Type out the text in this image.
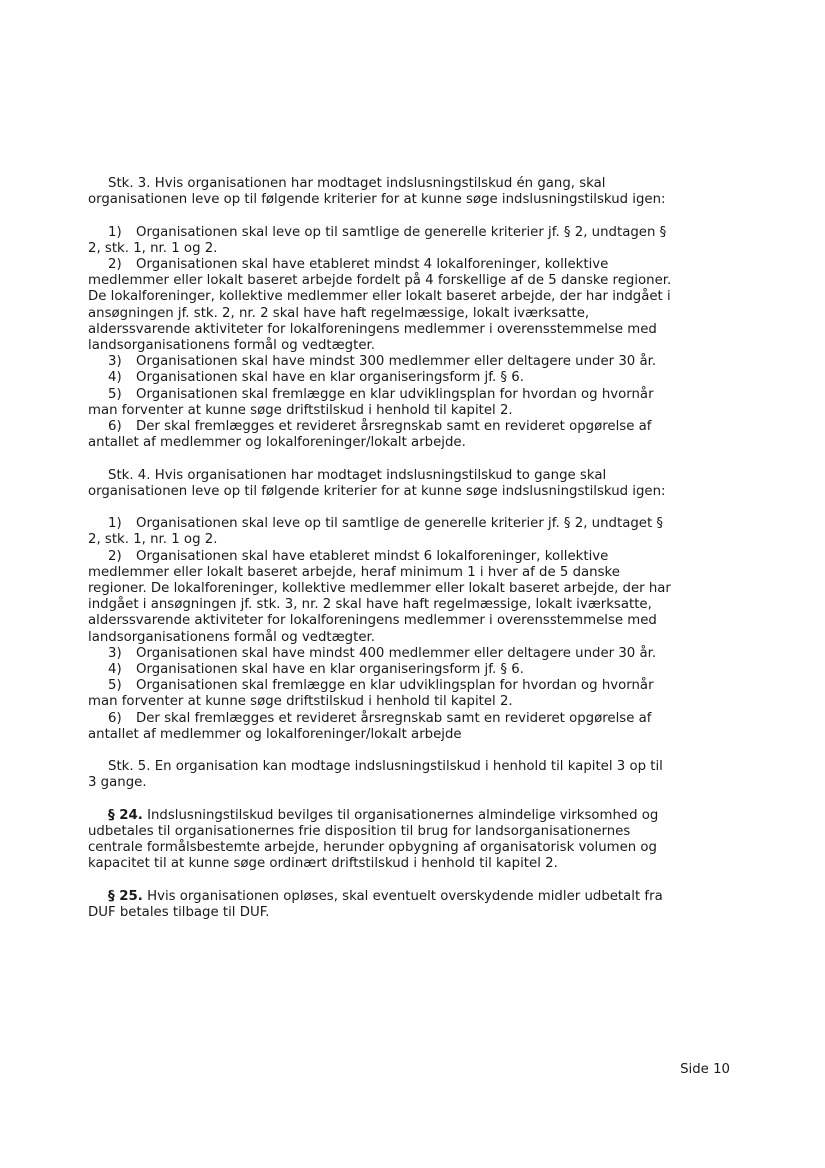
Stk. 3. Hvis organisationen har modtaget indslusningstilskud én gang, skal organisationen leve op til følgende kriterier for at kunne søge indslusningstilskud igen:

1) Organisationen skal leve op til samtlige de generelle kriterier jf. § 2, undtagen § 2, stk. 1, nr. 1 og 2.

2) Organisationen skal have etableret mindst 4 lokalforeninger, kollektive medlemmer eller lokalt baseret arbejde fordelt på 4 forskellige af de 5 danske regioner. De lokalforeninger, kollektive medlemmer eller lokalt baseret arbejde, der har indgået i ansøgningen jf. stk. 2, nr. 2 skal have haft regelmæssige, lokalt iværksatte, alderssvarende aktiviteter for lokalforeningens medlemmer i overensstemmelse med landsorganisationens formål og vedtægter.

3) Organisationen skal have mindst 300 medlemmer eller deltagere under 30 år.

4) Organisationen skal have en klar organiseringsform jf. § 6.

5) Organisationen skal fremlægge en klar udviklingsplan for hvordan og hvornår man forventer at kunne søge driftstilskud i henhold til kapitel 2.

6) Der skal fremlægges et revideret årsregnskab samt en revideret opgørelse af antallet af medlemmer og lokalforeninger/lokalt arbejde.

Stk. 4. Hvis organisationen har modtaget indslusningstilskud to gange skal organisationen leve op til følgende kriterier for at kunne søge indslusningstilskud igen:

1) Organisationen skal leve op til samtlige de generelle kriterier jf. § 2, undtaget § 2, stk. 1, nr. 1 og 2.

2) Organisationen skal have etableret mindst 6 lokalforeninger, kollektive medlemmer eller lokalt baseret arbejde, heraf minimum 1 i hver af de 5 danske regioner. De lokalforeninger, kollektive medlemmer eller lokalt baseret arbejde, der har indgået i ansøgningen jf. stk. 3, nr. 2 skal have haft regelmæssige, lokalt iværksatte, alderssvarende aktiviteter for lokalforeningens medlemmer i overensstemmelse med landsorganisationens formål og vedtægter.

3) Organisationen skal have mindst 400 medlemmer eller deltagere under 30 år.

4) Organisationen skal have en klar organiseringsform jf. § 6.

5) Organisationen skal fremlægge en klar udviklingsplan for hvordan og hvornår man forventer at kunne søge driftstilskud i henhold til kapitel 2.

6) Der skal fremlægges et revideret årsregnskab samt en revideret opgørelse af antallet af medlemmer og lokalforeninger/lokalt arbejde

Stk. 5. En organisation kan modtage indslusningstilskud i henhold til kapitel 3 op til 3 gange.

§ 24. Indslusningstilskud bevilges til organisationernes almindelige virksomhed og udbetales til organisationernes frie disposition til brug for landsorganisationernes centrale formålsbestemte arbejde, herunder opbygning af organisatorisk volumen og kapacitet til at kunne søge ordinært driftstilskud i henhold til kapitel 2.

§ 25. Hvis organisationen opløses, skal eventuelt overskydende midler udbetalt fra DUF betales tilbage til DUF.

Side 10
